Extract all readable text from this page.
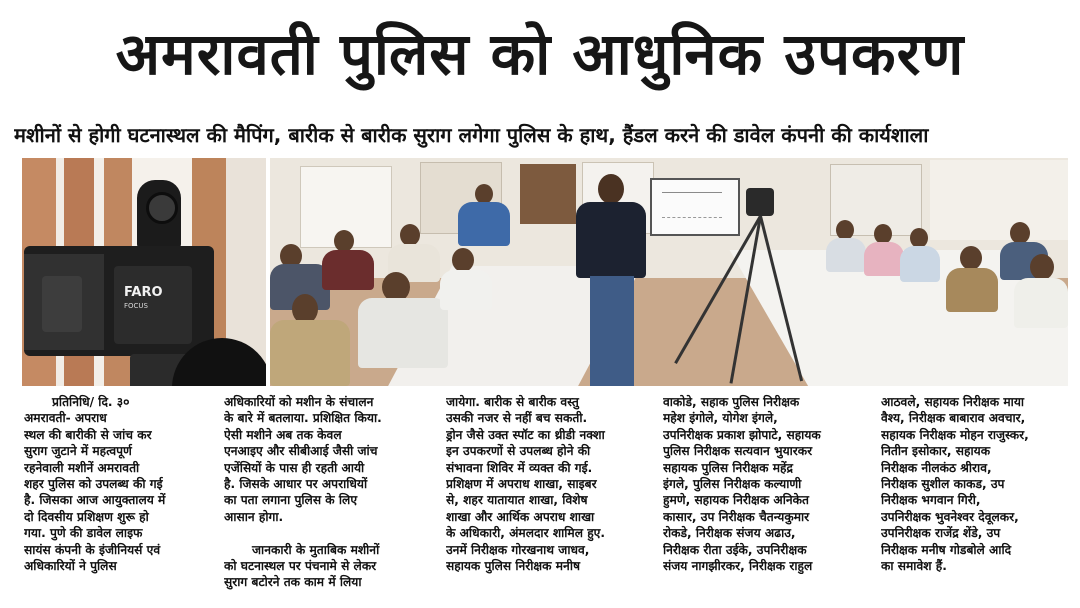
अमरावती पुलिस को आधुनिक उपकरण
मशीनों से होगी घटनास्थल की मैपिंग, बारीक से बारीक सुराग लगेगा पुलिस के हाथ, हैंडल करने की डावेल कंपनी की कार्यशाला
FARO
FOCUS
प्रतिनिधि/ दि. ३०
अमरावती- अपराध
स्थल की बारीकी से जांच कर
सुराग जुटाने में महत्वपूर्ण
रहनेवाली मशीनें अमरावती
शहर पुलिस को उपलब्ध की गई
है. जिसका आज आयुक्तालय में
दो दिवसीय प्रशिक्षण शुरू हो
गया. पुणे की डावेल लाइफ
सायंस कंपनी के इंजीनियर्स एवं
अधिकारियों ने पुलिस
अधिकारियों को मशीन के संचालन
के बारे में बतलाया. प्रशिक्षित किया.
ऐसी मशीने अब तक केवल
एनआइए और सीबीआई जैसी जांच
एजेंसियों के पास ही रहती आयी
है. जिसके आधार पर अपराधियों
का पता लगाना पुलिस के लिए
आसान होगा.
जानकारी के मुताबिक मशीनों
को घटनास्थल पर पंचनामे से लेकर
सुराग बटोरने तक काम में लिया
जायेगा. बारीक से बारीक वस्तु
उसकी नजर से नहीं बच सकती.
ड्रोन जैसे उक्त स्पॉट का थ्रीडी नक्शा
इन उपकरणों से उपलब्ध होने की
संभावना शिविर में व्यक्त की गई.
प्रशिक्षण में अपराध शाखा, साइबर
से, शहर यातायात शाखा, विशेष
शाखा और आर्थिक अपराध शाखा
के अधिकारी, अंमलदार शामिल हुए.
उनमें निरीक्षक गोरखनाथ जाधव,
सहायक पुलिस निरीक्षक मनीष
वाकोडे, सहाक पुलिस निरीक्षक
महेश इंगोले, योगेश इंगले,
उपनिरीक्षक प्रकाश झोपाटे, सहायक
पुलिस निरीक्षक सत्यवान भुयारकर
सहायक पुलिस निरीक्षक महेंद्र
इंगले, पुलिस निरीक्षक कल्याणी
हुमणे, सहायक निरीक्षक अनिकेत
कासार, उप निरीक्षक चैतन्यकुमार
रोकडे, निरीक्षक संजय अढाउ,
निरीक्षक रीता उईके, उपनिरीक्षक
संजय नागझीरकर, निरीक्षक राहुल
आठवले, सहायक निरीक्षक माया
वैश्य, निरीक्षक बाबाराव अवचार,
सहायक निरीक्षक मोहन राजुस्कर,
नितीन इसोकार, सहायक
निरीक्षक नीलकंठ श्रीराव,
निरीक्षक सुशील काकड, उप
निरीक्षक भगवान गिरी,
उपनिरीक्षक भुवनेश्वर देवूलकर,
उपनिरीक्षक राजेंद्र शेंडे, उप
निरीक्षक मनीष गोडबोले आदि
का समावेश हैं.
